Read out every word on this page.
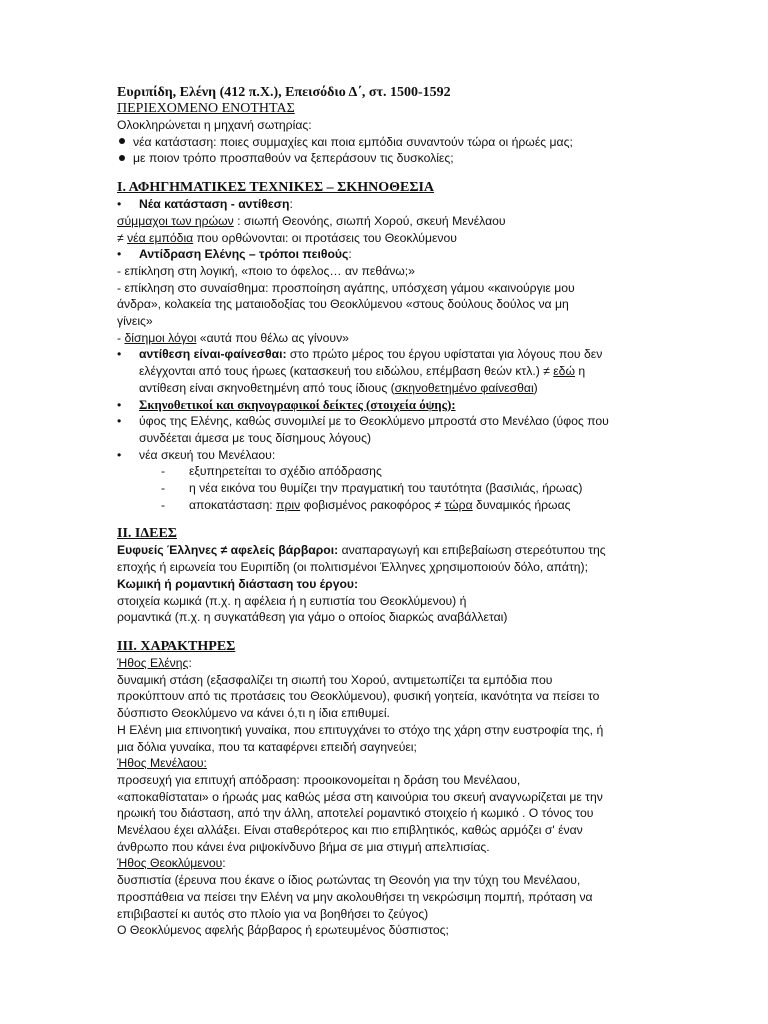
Ευριπίδη, Ελένη (412 π.Χ.), Επεισόδιο Δ΄, στ. 1500-1592
ΠΕΡΙΕΧΟΜΕΝΟ ΕΝΟΤΗΤΑΣ
Ολοκληρώνεται η μηχανή σωτηρίας:
νέα κατάσταση: ποιες συμμαχίες και ποια εμπόδια συναντούν τώρα οι ήρωές μας;
με ποιον τρόπο προσπαθούν να ξεπεράσουν τις δυσκολίες;
Ι. ΑΦΗΓΗΜΑΤΙΚΕΣ ΤΕΧΝΙΚΕΣ – ΣΚΗΝΟΘΕΣΙΑ
•	Νέα κατάσταση - αντίθεση:
σύμμαχοι των ηρώων : σιωπή Θεονόης, σιωπή Χορού, σκευή Μενέλαου
≠ νέα εμπόδια που ορθώνονται: οι προτάσεις του Θεοκλύμενου
•	Αντίδραση Ελένης – τρόποι πειθούς:
- επίκληση στη λογική, «ποιο το όφελος… αν πεθάνω;»
- επίκληση στο συναίσθημα: προσποίηση αγάπης, υπόσχεση γάμου «καινούργιε μου
άνδρα», κολακεία της ματαιοδοξίας του Θεοκλύμενου «στους δούλους δούλος να μη
γίνεις»
- δίσημοι λόγοι «αυτά που θέλω ας γίνουν»
•	αντίθεση είναι-φαίνεσθαι: στο πρώτο μέρος του έργου υφίσταται για λόγους που δεν
ελέγχονται από τους ήρωες (κατασκευή του ειδώλου, επέμβαση θεών κτλ.) ≠ εδώ η
αντίθεση είναι σκηνοθετημένη από τους ίδιους (σκηνοθετημένο φαίνεσθαι)
•	Σκηνοθετικοί και σκηνογραφικοί δείκτες (στοιχεία όψης):
•	ύφος της Ελένης, καθώς συνομιλεί με το Θεοκλύμενο μπροστά στο Μενέλαο (ύφος που
συνδέεται άμεσα με τους δίσημους λόγους)
•	νέα σκευή του Μενέλαου:
-	εξυπηρετείται το σχέδιο απόδρασης
-	η νέα εικόνα του θυμίζει την πραγματική του ταυτότητα (βασιλιάς, ήρωας)
-	αποκατάσταση: πριν φοβισμένος ρακοφόρος ≠ τώρα δυναμικός ήρωας
ΙΙ. ΙΔΕΕΣ
Ευφυείς Έλληνες ≠ αφελείς βάρβαροι: αναπαραγωγή και επιβεβαίωση στερεότυπου της
εποχής ή ειρωνεία του Ευριπίδη (οι πολιτισμένοι Έλληνες χρησιμοποιούν δόλο, απάτη);
Κωμική ή ρομαντική διάσταση του έργου:
στοιχεία κωμικά (π.χ. η αφέλεια ή η ευπιστία του Θεοκλύμενου) ή
ρομαντικά (π.χ. η συγκατάθεση για γάμο ο οποίος διαρκώς αναβάλλεται)
ΙΙΙ. ΧΑΡΑΚΤΗΡΕΣ
Ήθος Ελένης:
δυναμική στάση (εξασφαλίζει τη σιωπή του Χορού, αντιμετωπίζει τα εμπόδια που
προκύπτουν από τις προτάσεις του Θεοκλύμενου), φυσική γοητεία, ικανότητα να πείσει το
δύσπιστο Θεοκλύμενο να κάνει ό,τι η ίδια επιθυμεί.
Η Ελένη μια επινοητική γυναίκα, που επιτυγχάνει το στόχο της χάρη στην ευστροφία της, ή
μια δόλια γυναίκα, που τα καταφέρνει επειδή σαγηνεύει;
Ήθος Μενέλαου:
προσευχή για επιτυχή απόδραση: προοικονομείται η δράση του Μενέλαου,
«αποκαθίσταται» ο ήρωάς μας καθώς μέσα στη καινούρια του σκευή αναγνωρίζεται με την
ηρωική του διάσταση, από την άλλη, αποτελεί ρομαντικό στοιχείο ή κωμικό . Ο τόνος του
Μενέλαου έχει αλλάξει. Είναι σταθερότερος και πιο επιβλητικός, καθώς αρμόζει σ' έναν
άνθρωπο που κάνει ένα ριψοκίνδυνο βήμα σε μια στιγμή απελπισίας.
Ήθος Θεοκλύμενου:
δυσπιστία (έρευνα που έκανε ο ίδιος ρωτώντας τη Θεονόη για την τύχη του Μενέλαου,
προσπάθεια να πείσει την Ελένη να μην ακολουθήσει τη νεκρώσιμη πομπή, πρόταση να
επιβιβαστεί κι αυτός στο πλοίο για να βοηθήσει το ζεύγος)
Ο Θεοκλύμενος αφελής βάρβαρος ή ερωτευμένος δύσπιστος;
